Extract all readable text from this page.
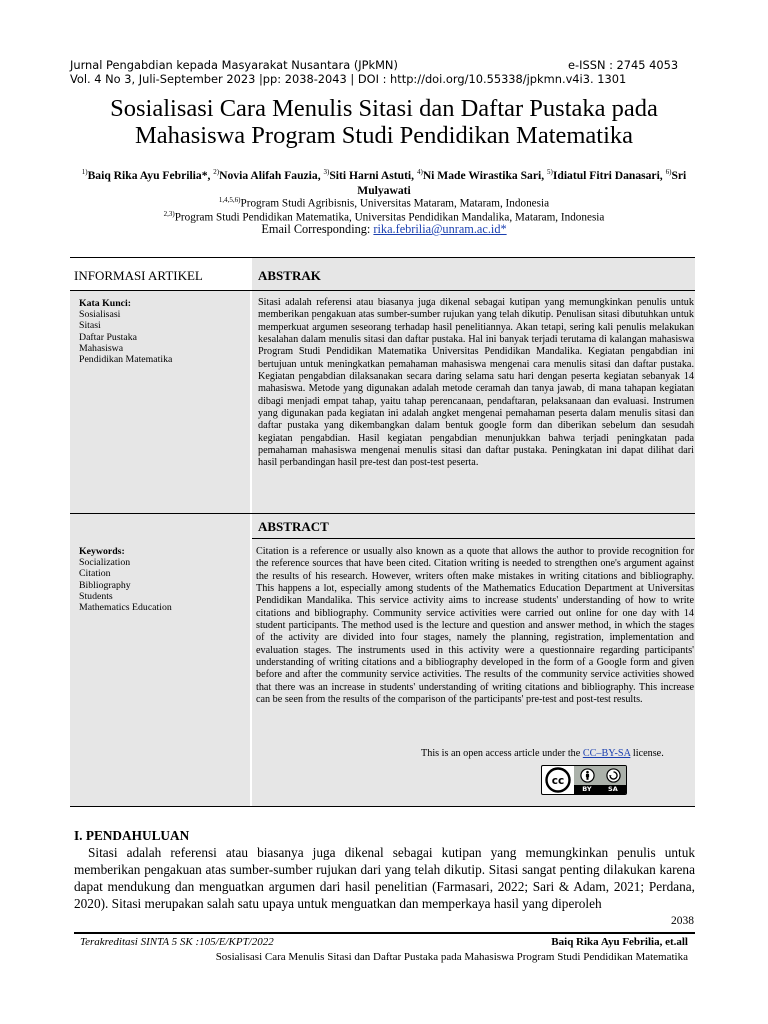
Jurnal Pengabdian kepada Masyarakat Nusantara (JPkMN)	e-ISSN : 2745 4053
Vol. 4 No 3, Juli-September 2023 |pp: 2038-2043 | DOI : http://doi.org/10.55338/jpkmn.v4i3. 1301
Sosialisasi Cara Menulis Sitasi dan Daftar Pustaka pada
Mahasiswa Program Studi Pendidikan Matematika
$^{1)}$Baiq Rika Ayu Febrilia*, $^{2)}$Novia Alifah Fauzia, $^{3)}$Siti Harni Astuti, $^{4)}$Ni Made Wirastika Sari, $^{5)}$Idiatul Fitri Danasari, $^{6)}$Sri Mulyawati
$^{1,4,5,6)}$Program Studi Agribisnis, Universitas Mataram, Mataram, Indonesia
$^{2,3)}$Program Studi Pendidikan Matematika, Universitas Pendidikan Mandalika, Mataram, Indonesia
Email Corresponding: rika.febrilia@unram.ac.id*
INFORMASI ARTIKEL	ABSTRAK
Kata Kunci:
Sosialisasi
Sitasi
Daftar Pustaka
Mahasiswa
Pendidikan Matematika
Sitasi adalah referensi atau biasanya juga dikenal sebagai kutipan yang memungkinkan penulis untuk memberikan pengakuan atas sumber-sumber rujukan yang telah dikutip. Penulisan sitasi dibutuhkan untuk memperkuat argumen seseorang terhadap hasil penelitiannya. Akan tetapi, sering kali penulis melakukan kesalahan dalam menulis sitasi dan daftar pustaka. Hal ini banyak terjadi terutama di kalangan mahasiswa Program Studi Pendidikan Matematika Universitas Pendidikan Mandalika. Kegiatan pengabdian ini bertujuan untuk meningkatkan pemahaman mahasiswa mengenai cara menulis sitasi dan daftar pustaka. Kegiatan pengabdian dilaksanakan secara daring selama satu hari dengan peserta kegiatan sebanyak 14 mahasiswa. Metode yang digunakan adalah metode ceramah dan tanya jawab, di mana tahapan kegiatan dibagi menjadi empat tahap, yaitu tahap perencanaan, pendaftaran, pelaksanaan dan evaluasi. Instrumen yang digunakan pada kegiatan ini adalah angket mengenai pemahaman peserta dalam menulis sitasi dan daftar pustaka yang dikembangkan dalam bentuk google form dan diberikan sebelum dan sesudah kegiatan pengabdian. Hasil kegiatan pengabdian menunjukkan bahwa terjadi peningkatan pada pemahaman mahasiswa mengenai menulis sitasi dan daftar pustaka. Peningkatan ini dapat dilihat dari hasil perbandingan hasil pre-test dan post-test peserta.
ABSTRACT
Keywords:
Socialization
Citation
Bibliography
Students
Mathematics Education
Citation is a reference or usually also known as a quote that allows the author to provide recognition for the reference sources that have been cited. Citation writing is needed to strengthen one's argument against the results of his research. However, writers often make mistakes in writing citations and bibliography. This happens a lot, especially among students of the Mathematics Education Department at Universitas Pendidikan Mandalika. This service activity aims to increase students' understanding of how to write citations and bibliography. Community service activities were carried out online for one day with 14 student participants. The method used is the lecture and question and answer method, in which the stages of the activity are divided into four stages, namely the planning, registration, implementation and evaluation stages. The instruments used in this activity were a questionnaire regarding participants' understanding of writing citations and a bibliography developed in the form of a Google form and given before and after the community service activities. The results of the community service activities showed that there was an increase in students' understanding of writing citations and bibliography. This increase can be seen from the results of the comparison of the participants' pre-test and post-test results.
This is an open access article under the CC–BY-SA license.
cc
BY	SA
I. PENDAHULUAN
Sitasi adalah referensi atau biasanya juga dikenal sebagai kutipan yang memungkinkan penulis untuk memberikan pengakuan atas sumber-sumber rujukan dari yang telah dikutip. Sitasi sangat penting dilakukan karena dapat mendukung dan menguatkan argumen dari hasil penelitian (Farmasari, 2022; Sari & Adam, 2021; Perdana, 2020). Sitasi merupakan salah satu upaya untuk menguatkan dan memperkaya hasil yang diperoleh
2038
Terakreditasi SINTA 5 SK :105/E/KPT/2022	Baiq Rika Ayu Febrilia, et.all
Sosialisasi Cara Menulis Sitasi dan Daftar Pustaka pada Mahasiswa Program Studi Pendidikan Matematika
